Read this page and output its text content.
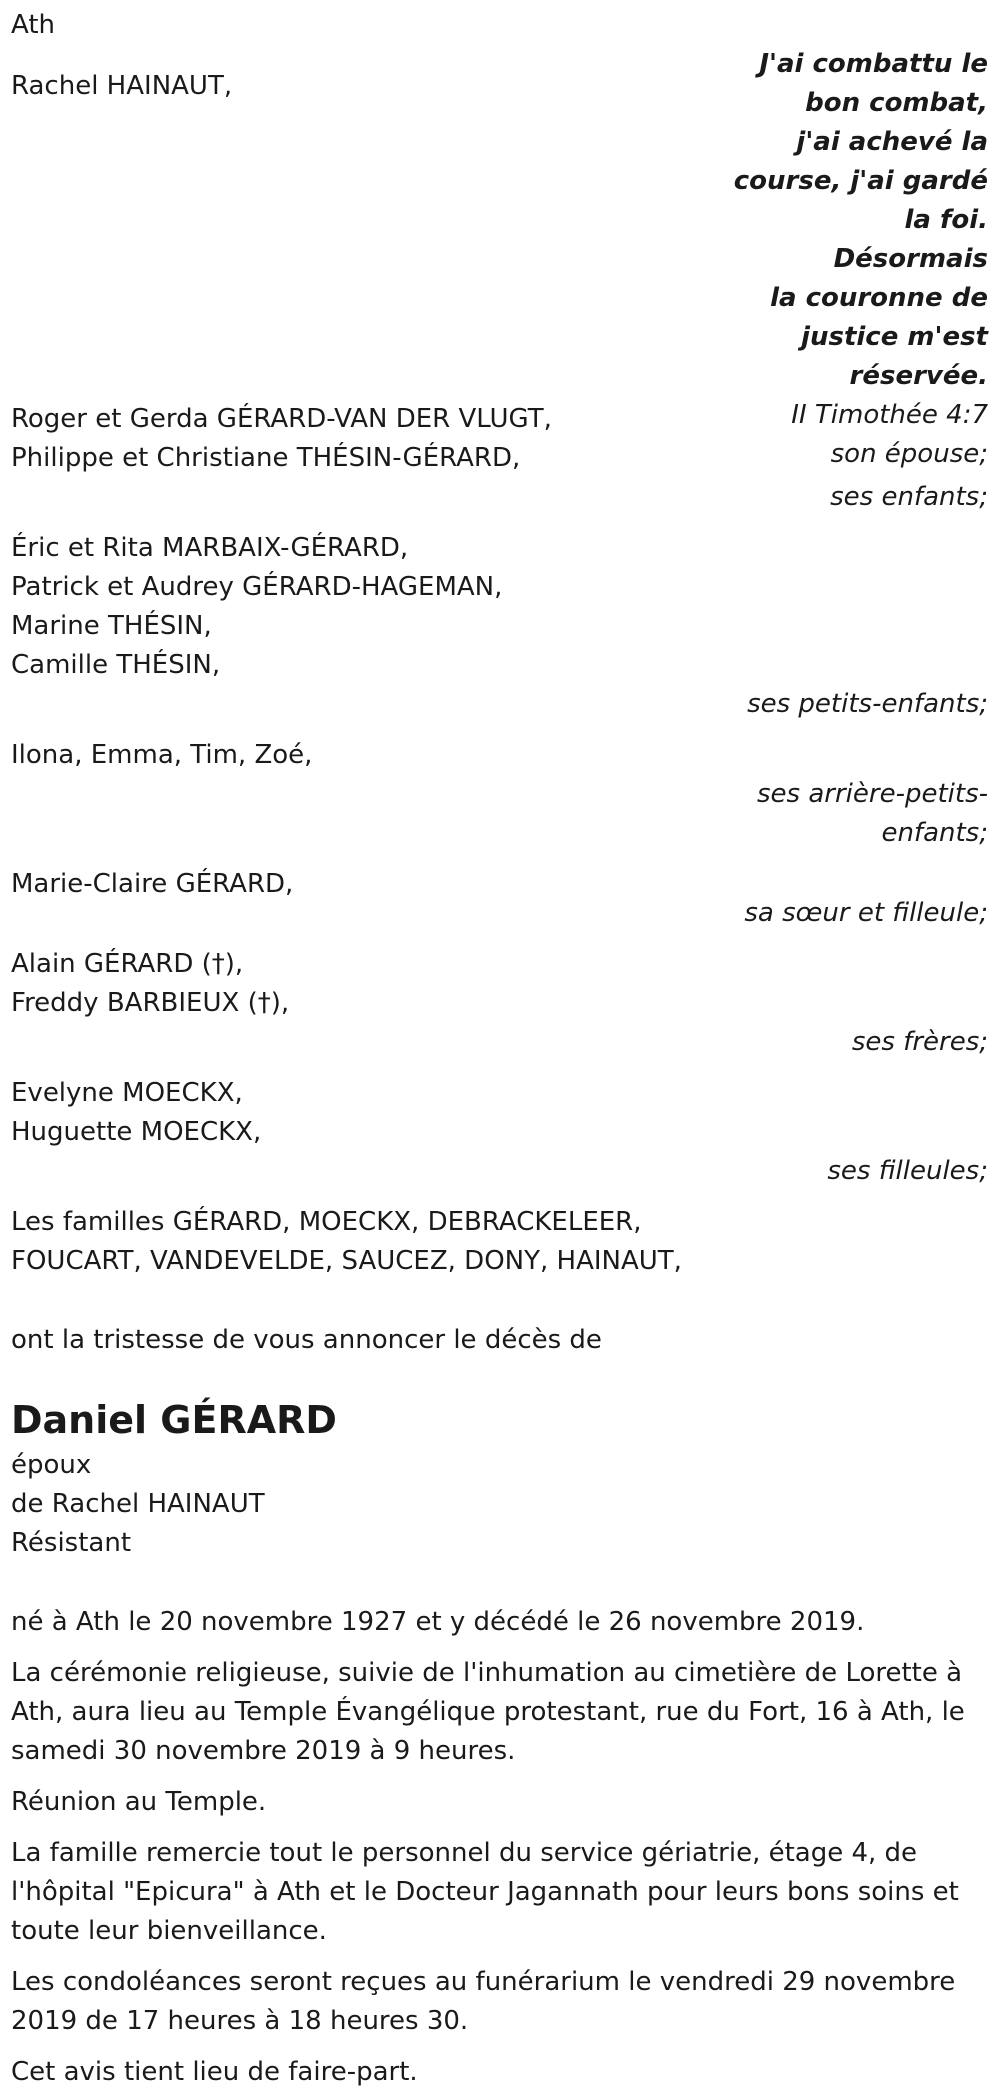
Ath
J'ai combattu le
bon combat,
j'ai achevé la
course, j'ai gardé
la foi.
Désormais
la couronne de
justice m'est
réservée.
II Timothée 4:7
Rachel HAINAUT,
son épouse;
Roger et Gerda GÉRARD-VAN DER VLUGT,
Philippe et Christiane THÉSIN-GÉRARD,
ses enfants;
Éric et Rita MARBAIX-GÉRARD,
Patrick et Audrey GÉRARD-HAGEMAN,
Marine THÉSIN,
Camille THÉSIN,
ses petits-enfants;
Ilona, Emma, Tim, Zoé,
ses arrière-petits-
enfants;
Marie-Claire GÉRARD,
sa sœur et filleule;
Alain GÉRARD (†),
Freddy BARBIEUX (†),
ses frères;
Evelyne MOECKX,
Huguette MOECKX,
ses filleules;
Les familles GÉRARD, MOECKX, DEBRACKELEER,
FOUCART, VANDEVELDE, SAUCEZ, DONY, HAINAUT,
ont la tristesse de vous annoncer le décès de
Daniel GÉRARD
époux
de Rachel HAINAUT
Résistant
né à Ath le 20 novembre 1927 et y décédé le 26 novembre 2019.
La cérémonie religieuse, suivie de l'inhumation au cimetière de Lorette à Ath, aura lieu au Temple Évangélique protestant, rue du Fort, 16 à Ath, le samedi 30 novembre 2019 à 9 heures.
Réunion au Temple.
La famille remercie tout le personnel du service gériatrie, étage 4, de l'hôpital "Epicura" à Ath et le Docteur Jagannath pour leurs bons soins et toute leur bienveillance.
Les condoléances seront reçues au funérarium le vendredi 29 novembre 2019 de 17 heures à 18 heures 30.
Cet avis tient lieu de faire-part.
